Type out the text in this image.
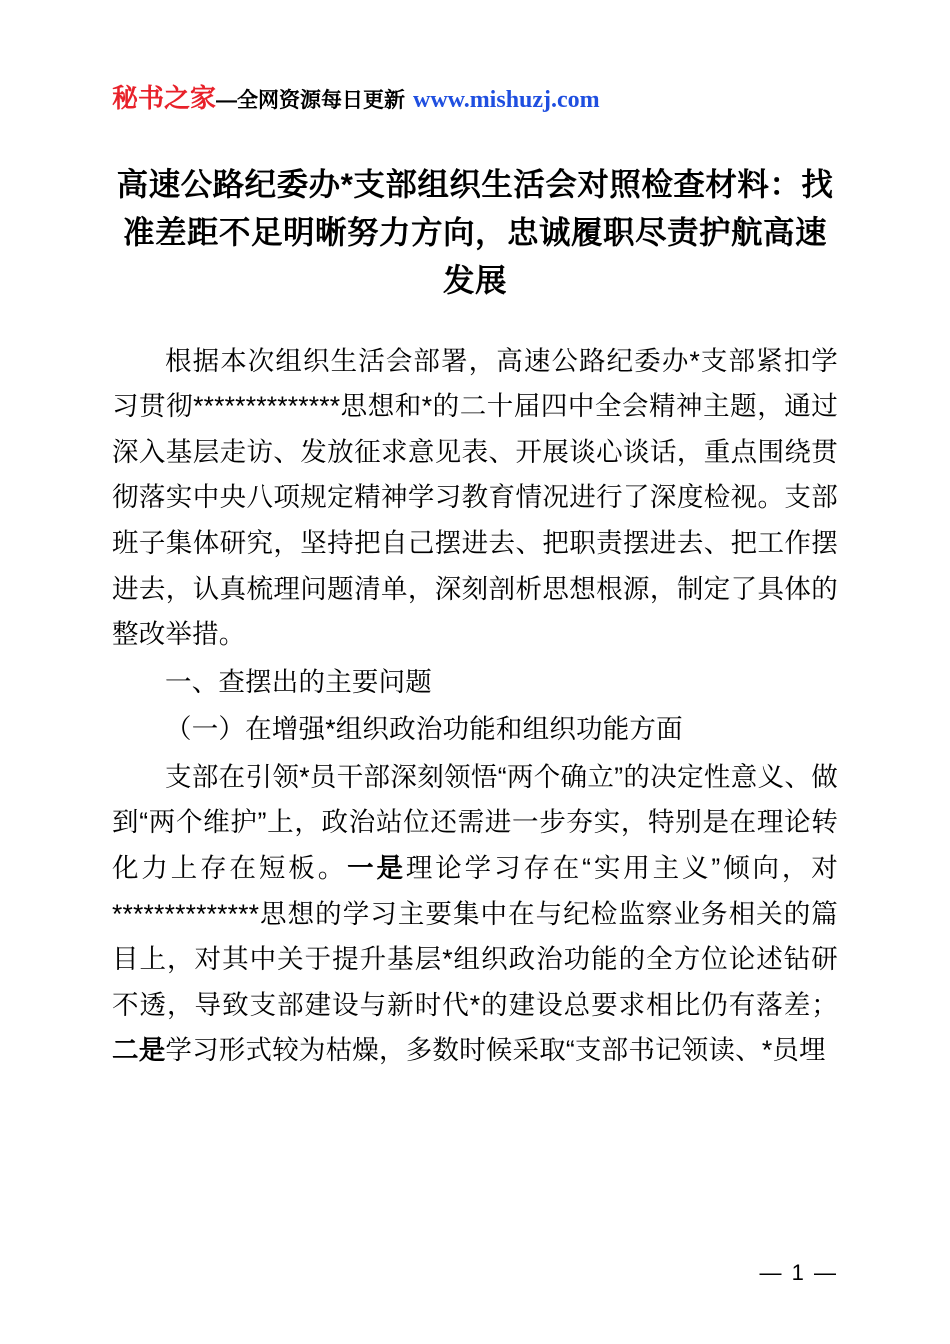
秘书之家 — 全网资源每日更新 www.mishuzj.com
高速公路纪委办*支部组织生活会对照检查材料：找准差距不足明晰努力方向，忠诚履职尽责护航高速发展

根据本次组织生活会部署，高速公路纪委办*支部紧扣学习贯彻**************思想和*的二十届四中全会精神主题，通过深入基层走访、发放征求意见表、开展谈心谈话，重点围绕贯彻落实中央八项规定精神学习教育情况进行了深度检视。支部班子集体研究，坚持把自己摆进去、把职责摆进去、把工作摆进去，认真梳理问题清单，深刻剖析思想根源，制定了具体的整改举措。

一、查摆出的主要问题

（一）在增强*组织政治功能和组织功能方面

支部在引领*员干部深刻领悟“两个确立”的决定性意义、做到“两个维护”上，政治站位还需进一步夯实，特别是在理论转化力上存在短板。一是理论学习存在“实用主义”倾向，对**************思想的学习主要集中在与纪检监察业务相关的篇目上，对其中关于提升基层*组织政治功能的全方位论述钻研不透，导致支部建设与新时代*的建设总要求相比仍有落差；二是学习形式较为枯燥，多数时候采取“支部书记领读、*员埋

— 1 —
